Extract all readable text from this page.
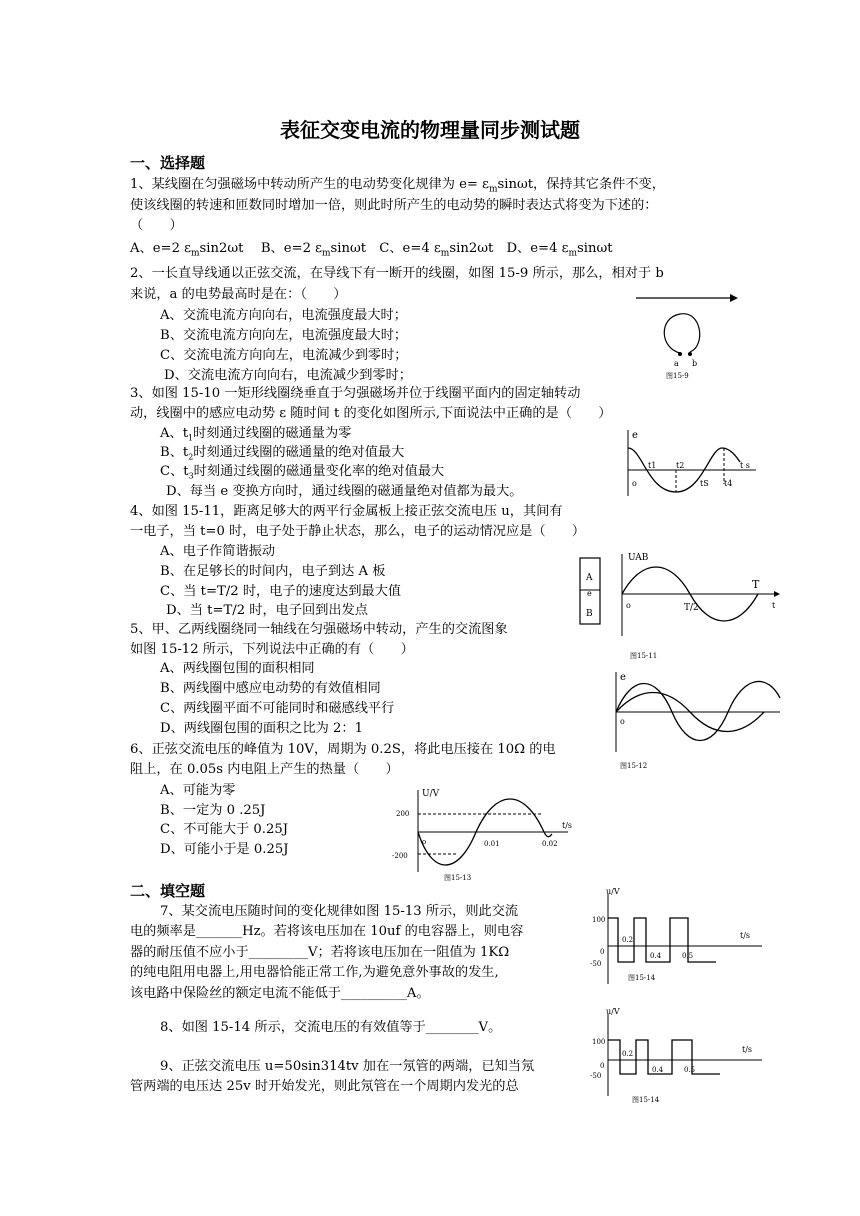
表征交变电流的物理量同步测试题
一、选择题
1、某线圈在匀强磁场中转动所产生的电动势变化规律为 $e= \varepsilon_m\sin\omega t$，保持其它条件不变，
使该线圈的转速和匝数同时增加一倍，则此时所产生的电动势的瞬时表达式将变为下述的：
（　　）
A、e=2 $\varepsilon_m\sin 2\omega t$　 B、e=2 $\varepsilon_m\sin\omega t$　C、e=4 $\varepsilon_m\sin 2\omega t$　D、e=4 $\varepsilon_m\sin\omega t$
2、一长直导线通以正弦交流，在导线下有一断开的线圈，如图 15-9 所示，那么，相对于 b
来说，a 的电势最高时是在：（　　）
A、交流电流方向向右，电流强度最大时；
B、交流电流方向向左，电流强度最大时；
C、交流电流方向向左，电流减少到零时；
D、交流电流方向向右，电流减少到零时；
3、如图 15-10 一矩形线圈绕垂直于匀强磁场并位于线圈平面内的固定轴转动
动，线圈中的感应电动势 ε 随时间 t 的变化如图所示,下面说法中正确的是（　　）
A、$t_1$时刻通过线圈的磁通量为零
B、$t_2$时刻通过线圈的磁通量的绝对值最大
C、$t_3$时刻通过线圈的磁通量变化率的绝对值最大
D、每当 e 变换方向时，通过线圈的磁通量绝对值都为最大。
4、如图 15-11，距离足够大的两平行金属板上接正弦交流电压 u，其间有
一电子，当 t=0 时，电子处于静止状态，那么，电子的运动情况应是（　　）
A、电子作简谐振动
B、在足够长的时间内，电子到达 A 板
C、当 t=T/2 时，电子的速度达到最大值
D、当 t=T/2 时，电子回到出发点
5、甲、乙两线圈绕同一轴线在匀强磁场中转动，产生的交流图象
如图 15-12 所示，下列说法中正确的有（　　）
A、两线圈包围的面积相同
B、两线圈中感应电动势的有效值相同
C、两线圈平面不可能同时和磁感线平行
D、两线圈包围的面积之比为 2：1
6、正弦交流电压的峰值为 10V，周期为 0.2S，将此电压接在 10Ω 的电
阻上，在 0.05s 内电阻上产生的热量（　　）
A、可能为零
B、一定为 0 .25J
C、不可能大于 0.25J
D、可能小于是 0.25J
二、填空题
7、某交流电压随时间的变化规律如图 15-13 所示，则此交流
电的频率是_______Hz。若将该电压加在 10uf 的电容器上，则电容
器的耐压值不应小于_________V；若将该电压加在一阻值为 1KΩ
的纯电阻用电器上,用电器恰能正常工作,为避免意外事故的发生,
该电路中保险丝的额定电流不能低于__________A。
8、如图 15-14 所示，交流电压的有效值等于________V。
9、正弦交流电压 u=50sin314tv 加在一氖管的两端，已知当氖
管两端的电压达 25v 时开始发光，则此氖管在一个周期内发光的总
a b
图15-9
e
o
t1 t2
tS t4
t s
A
e
B
UAB
o	T/2
T
t
图15-11
e
o
图15-12
U/V
t/s
200
-200
0.01	0.02
o
图15-13
u/V
t/s
100
-50
0
0.2
0.4	0.5
图15-14
u/V
t/s
100
-50
0
0.2
0.4	0.5
图15-14
